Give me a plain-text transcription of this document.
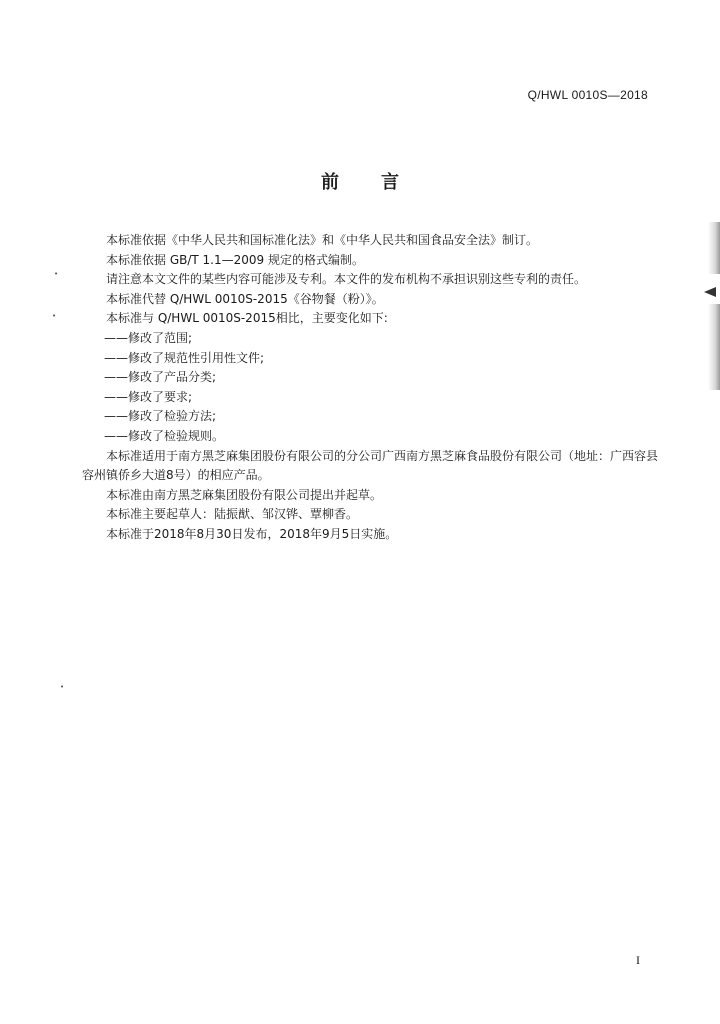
Q/HWL 0010S—2018
前言

本标准依据《中华人民共和国标准化法》和《中华人民共和国食品安全法》制订。

本标准依据 GB/T 1.1—2009 规定的格式编制。

请注意本文文件的某些内容可能涉及专利。本文件的发布机构不承担识别这些专利的责任。

本标准代替 Q/HWL 0010S-2015《谷物餐（粉）》。

本标准与 Q/HWL 0010S-2015相比，主要变化如下:

——修改了范围;

——修改了规范性引用性文件;

——修改了产品分类;

——修改了要求;

——修改了检验方法;

——修改了检验规则。

本标准适用于南方黑芝麻集团股份有限公司的分公司广西南方黑芝麻食品股份有限公司（地址：广西容县容州镇侨乡大道8号）的相应产品。

本标准由南方黑芝麻集团股份有限公司提出并起草。

本标准主要起草人：陆振猷、邹汉铧、覃柳香。

本标准于2018年8月30日发布，2018年9月5日实施。

I
•
•
•
